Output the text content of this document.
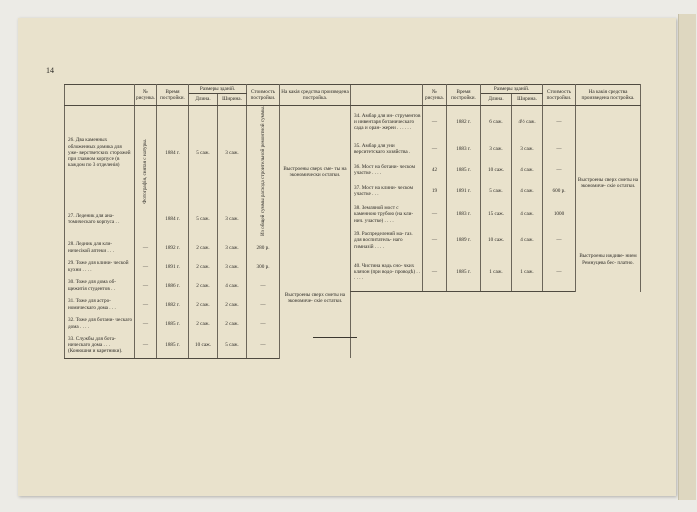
14
	№ рисунка.	Время постройки.	Размеры зданій.		Стоимость постройки.	На какія средства произведена постройка.
			Длина.	Ширина.		
26. Два каменных обложенных домика для уже- верстветских сторожей при главном корпусе (в каждом по 3 отделенія)	Фотографія, снятая с натуры.	1884 г.	5 саж.	3 саж.	Из общей суммы расхода строительной ремонтной суммы.	Выстроены сверх сме- ты на экономически остатки.
27. Леденик для ана- томическаго корпуса . .		1884 г.	5 саж.	3 саж.		
28. Ледник для кли- ничесікой аптеки . . .	—	1892 г.	2 саж.	3 саж.	280 р.	Выстроены сверх сметы на экономиче- скіе остатки.
29. Тоже для клини- ческой кухни . . . .	—	1891 г.	2 саж.	3 саж.	300 р.	
30. Тоже для дома об- щежитія студентов . .	—	1886 г.	2 саж.	4 саж.	—	
31. Тоже для астро- номическаго дома . . .	—	1882 г.	2 саж.	2 саж.	—	
32. Тоже для ботани- ческаго дома . . . .	—	1885 г.	2 саж.	2 саж.	—	
33. Службы для бота- ническаго дома . . . (Конюшня и каретники).	—	1885 г.	10 саж.	5 саж.	—	
	№ рисунка.	Время постройки.	Размеры зданій.		Стоимость постройки.	На какія средства произведена постройка.
			Длина.	Ширина.		
34. Амбар для ин- струментов и инвентаря ботаническаго сада и оран- жереи . . . . . .	—	1882 г.	6 саж.	4½ саж.	—	
35. Амбар для уни верситетскаго хозяйства .	—	1883 г.	3 саж.	3 саж.	—	Выстроены сверх сметы на экономиче- скіе остатки.
36. Мост на ботани- ческом участке . . . .	42	1885 г.	10 саж.	4 саж.	—	
37. Мост на клини- ческом участке . . .	19	1891 г.	5 саж.	4 саж.	600 р.	
38. Земляной мост с каменною трубою (на кли- нич. участке) . . . .	—	1883 г.	15 саж.	4 саж.	1000	
39. Распределений ма- газ. для воспитатель- наго гимназій . . . .	—	1889 г.	10 саж.	4 саж.	—	Выстроены иждиве- нием Ремнуцева бес- платно.
40. Чистина надь сно- чких клячон (при водо- проводѣ) . . . . . .	—	1885 г.	1 саж.	1 саж.	—	
